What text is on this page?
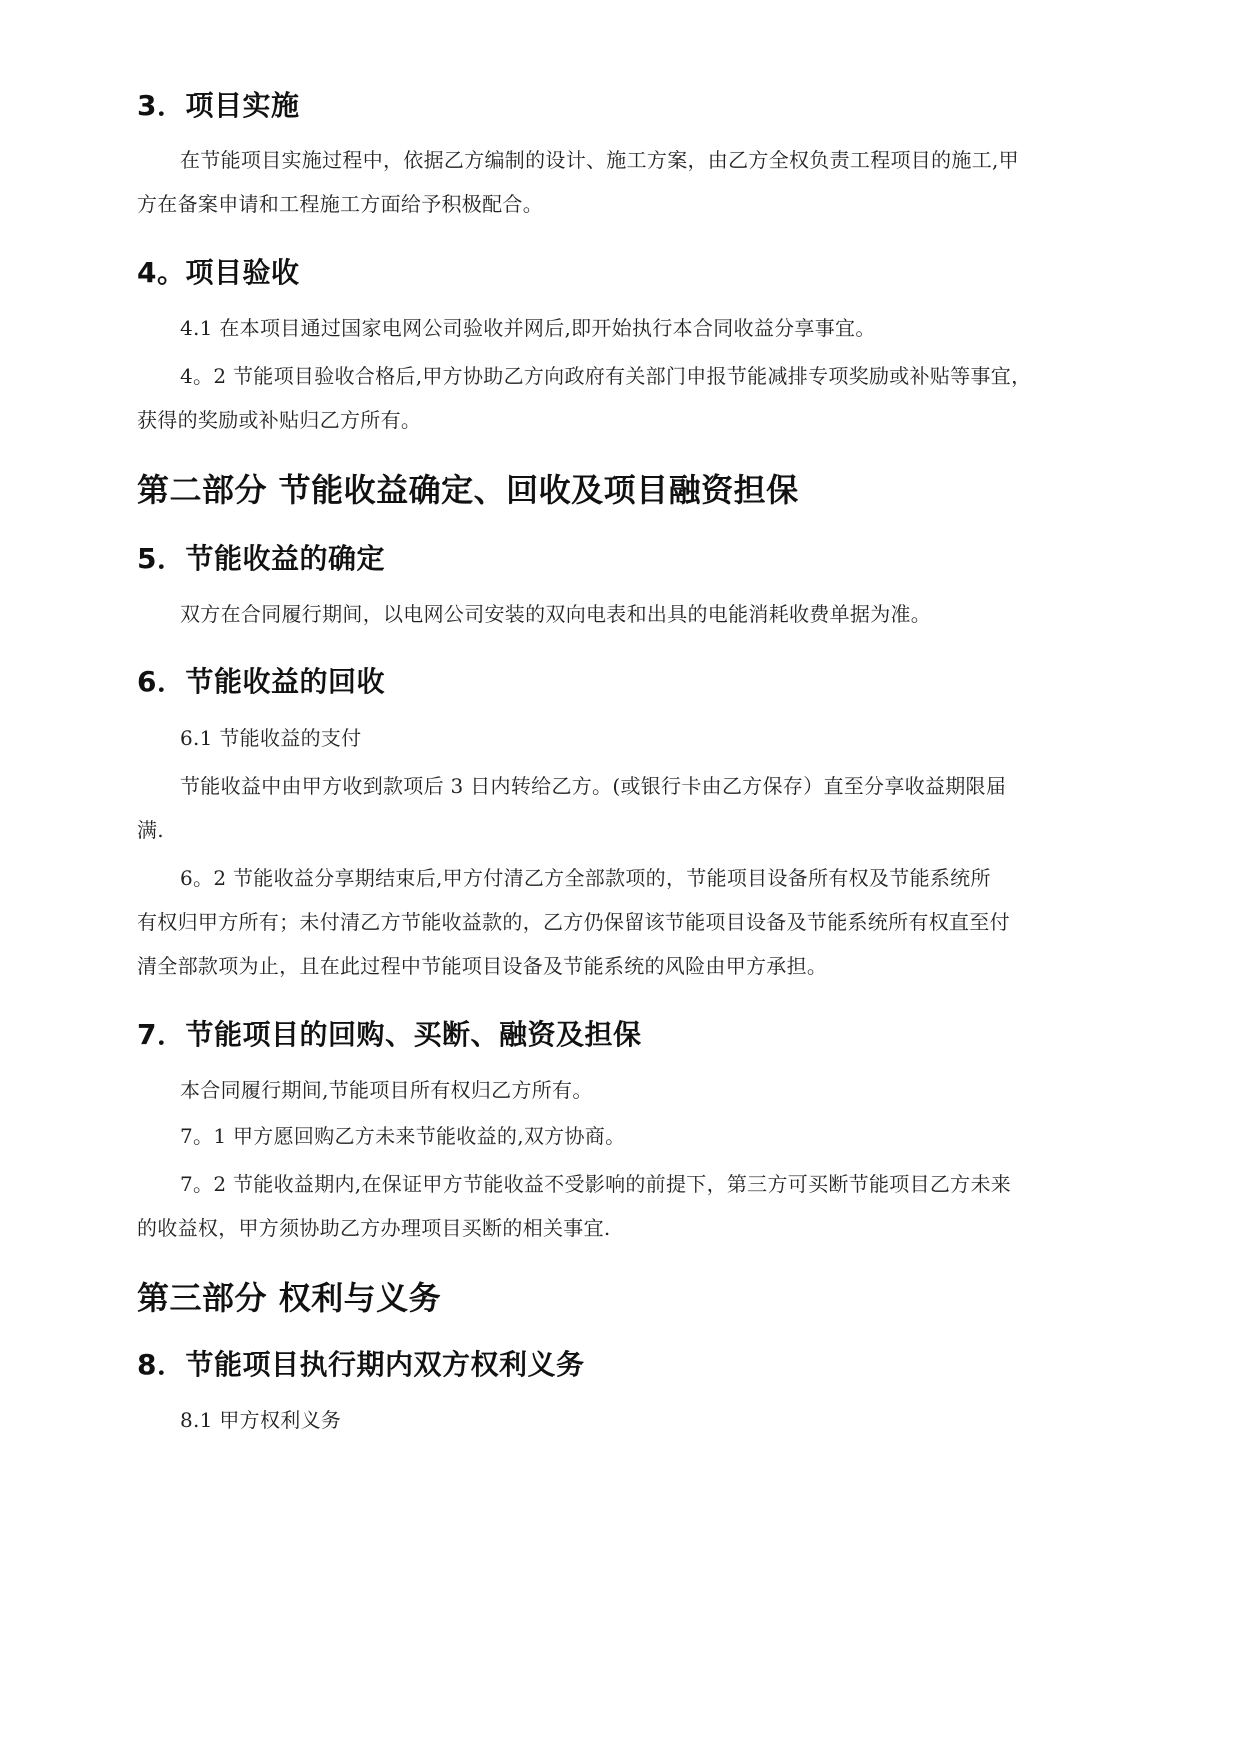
3．项目实施

在节能项目实施过程中，依据乙方编制的设计、施工方案，由乙方全权负责工程项目的施工,甲

方在备案申请和工程施工方面给予积极配合。

4。项目验收

4.1 在本项目通过国家电网公司验收并网后,即开始执行本合同收益分享事宜。

4。2 节能项目验收合格后,甲方协助乙方向政府有关部门申报节能减排专项奖励或补贴等事宜，

获得的奖励或补贴归乙方所有。

第二部分 节能收益确定、回收及项目融资担保
5．节能收益的确定

双方在合同履行期间，以电网公司安装的双向电表和出具的电能消耗收费单据为准。

6．节能收益的回收

6.1 节能收益的支付

节能收益中由甲方收到款项后 3 日内转给乙方。(或银行卡由乙方保存）直至分享收益期限届

满.

6。2 节能收益分享期结束后,甲方付清乙方全部款项的，节能项目设备所有权及节能系统所

有权归甲方所有；未付清乙方节能收益款的，乙方仍保留该节能项目设备及节能系统所有权直至付

清全部款项为止，且在此过程中节能项目设备及节能系统的风险由甲方承担。

7．节能项目的回购、买断、融资及担保

本合同履行期间,节能项目所有权归乙方所有。

7。1 甲方愿回购乙方未来节能收益的,双方协商。

7。2 节能收益期内,在保证甲方节能收益不受影响的前提下，第三方可买断节能项目乙方未来

的收益权，甲方须协助乙方办理项目买断的相关事宜.

第三部分 权利与义务
8．节能项目执行期内双方权利义务

8.1 甲方权利义务
